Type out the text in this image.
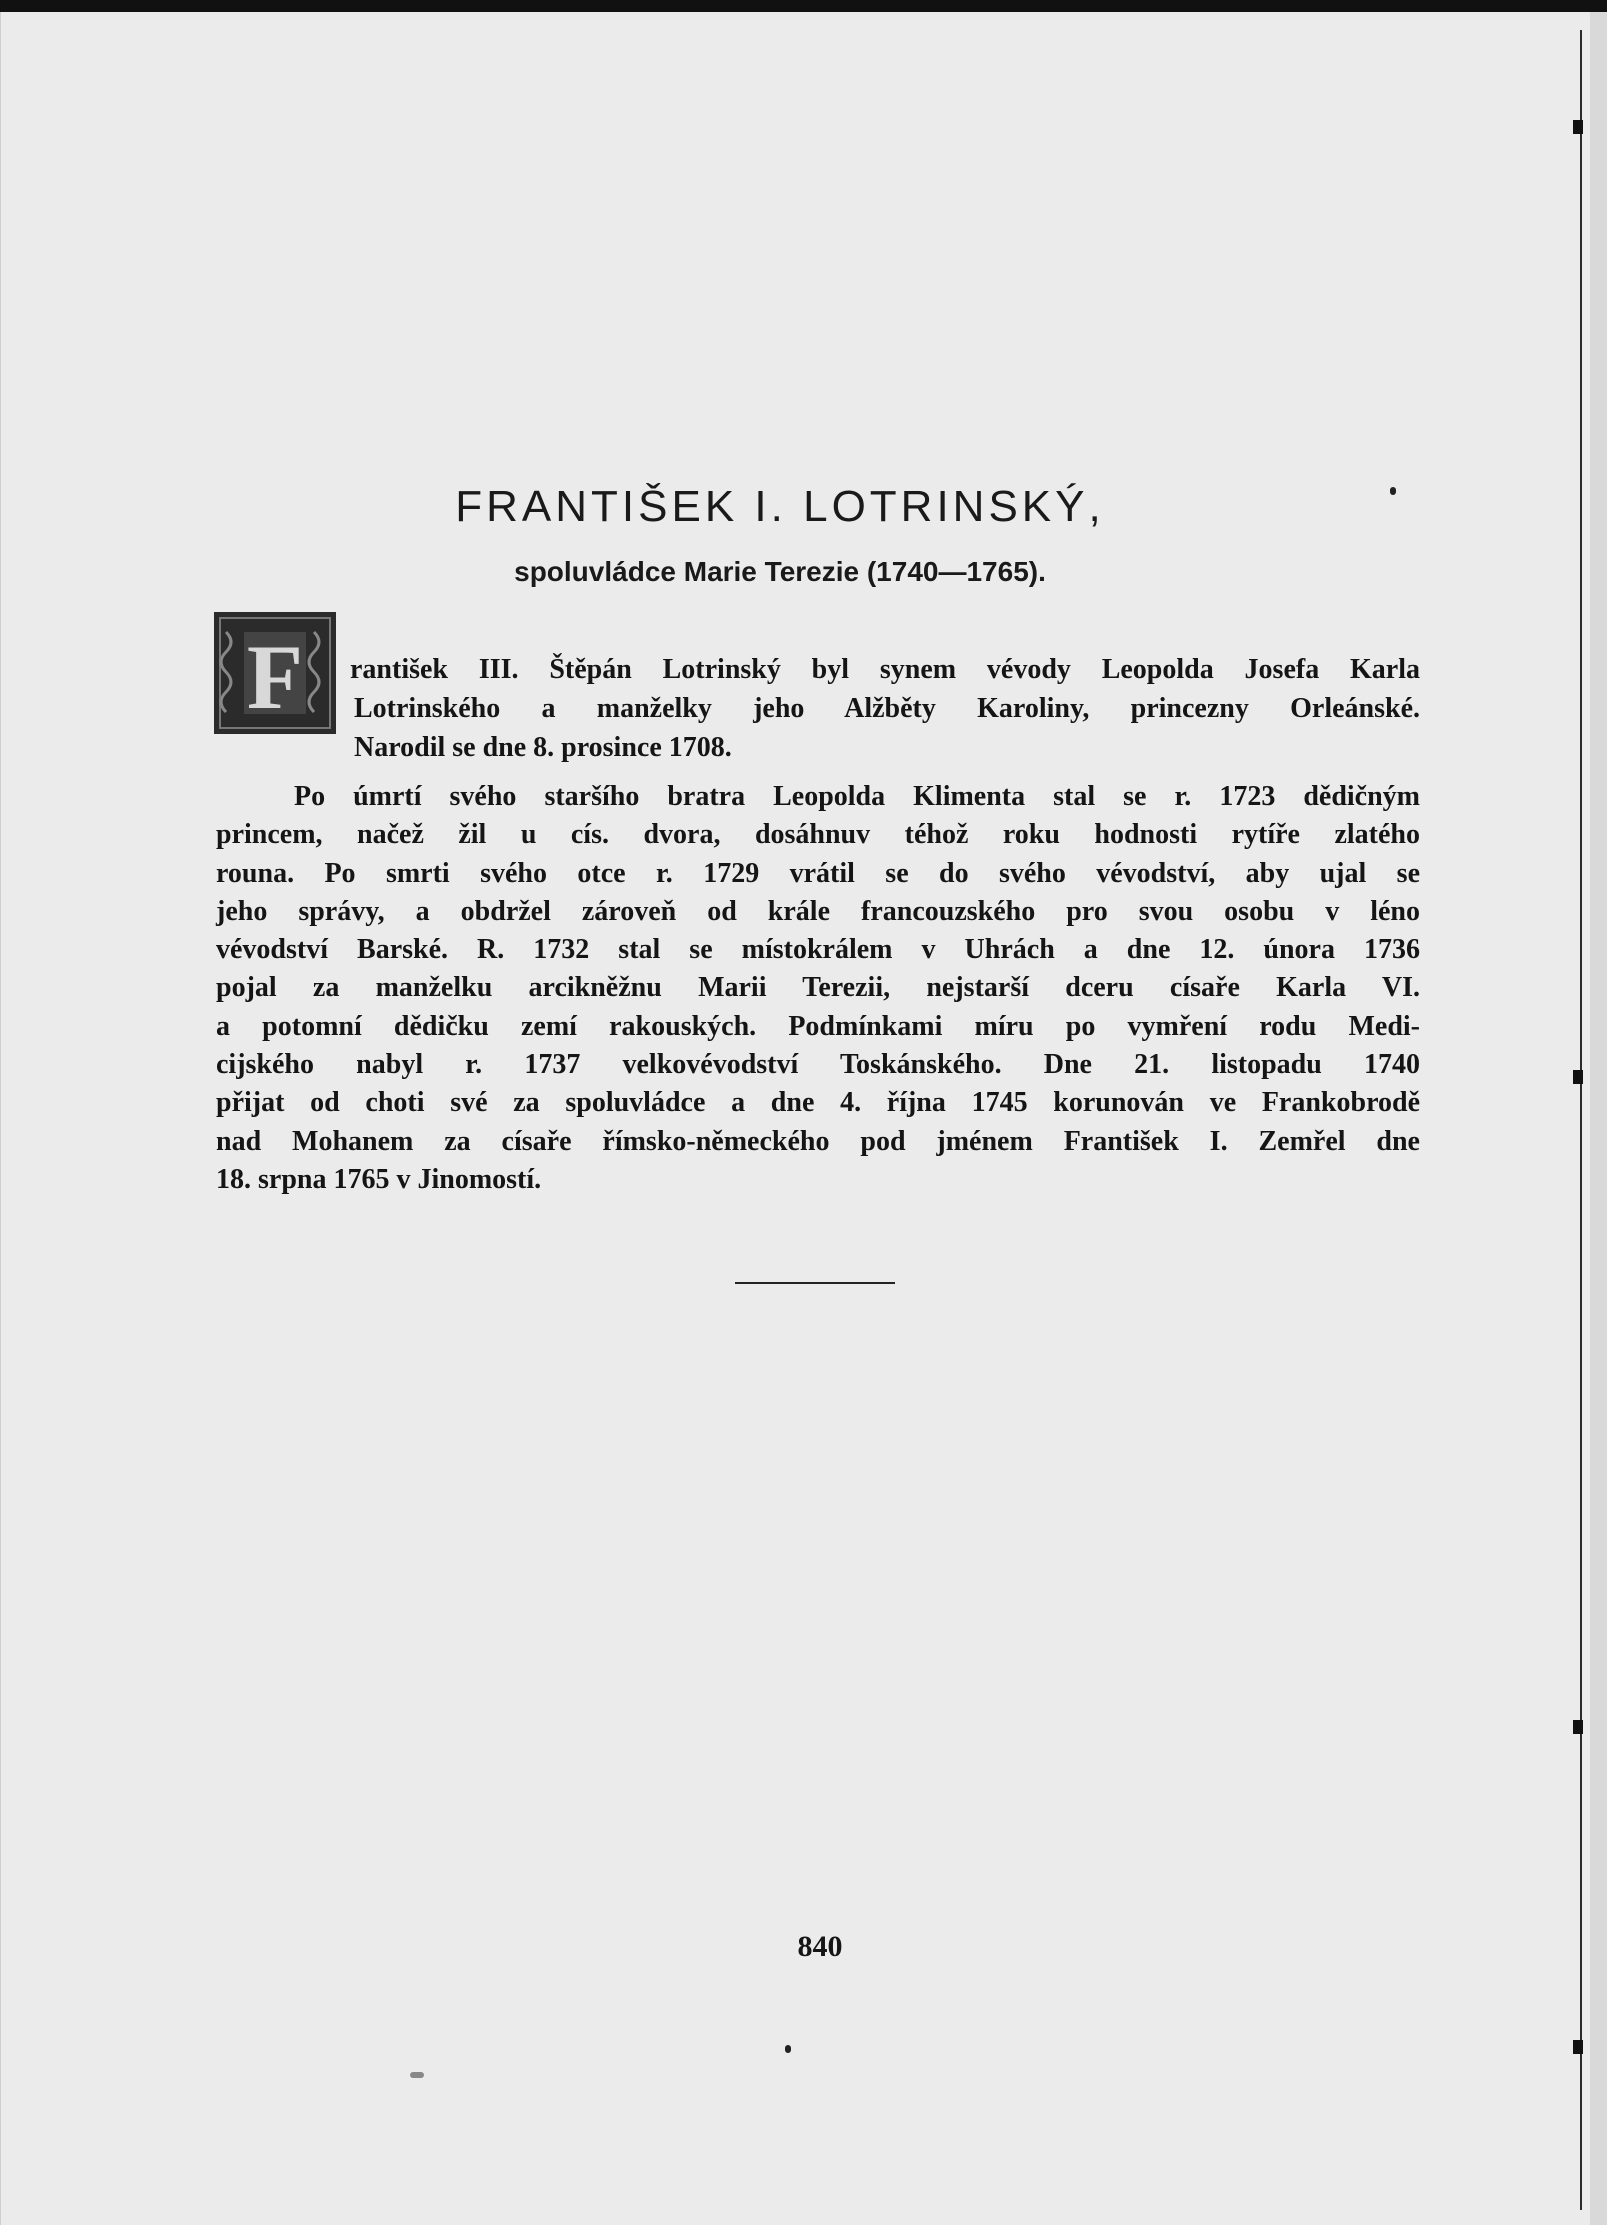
FRANTIŠEK I. LOTRINSKÝ,
spoluvládce Marie Terezie (1740—1765).
F rantišek III. Štěpán Lotrinský byl synem vévody Leopolda Josefa Karla
Lotrinského a manželky jeho Alžběty Karoliny, princezny Orleánské.
Narodil se dne 8. prosince 1708.
Po úmrtí svého staršího bratra Leopolda Klimenta stal se r. 1723 dědičným
princem, načež žil u cís. dvora, dosáhnuv téhož roku hodnosti rytíře zlatého
rouna. Po smrti svého otce r. 1729 vrátil se do svého vévodství, aby ujal se
jeho správy, a obdržel zároveň od krále francouzského pro svou osobu v léno
vévodství Barské. R. 1732 stal se místokrálem v Uhrách a dne 12. února 1736
pojal za manželku arcikněžnu Marii Terezii, nejstarší dceru císaře Karla VI.
a potomní dědičku zemí rakouských. Podmínkami míru po vymření rodu Medi-
cijského nabyl r. 1737 velkovévodství Toskánského. Dne 21. listopadu 1740
přijat od choti své za spoluvládce a dne 4. října 1745 korunován ve Frankobrodě
nad Mohanem za císaře římsko-německého pod jménem František I. Zemřel dne
18. srpna 1765 v Jinomostí.
840
